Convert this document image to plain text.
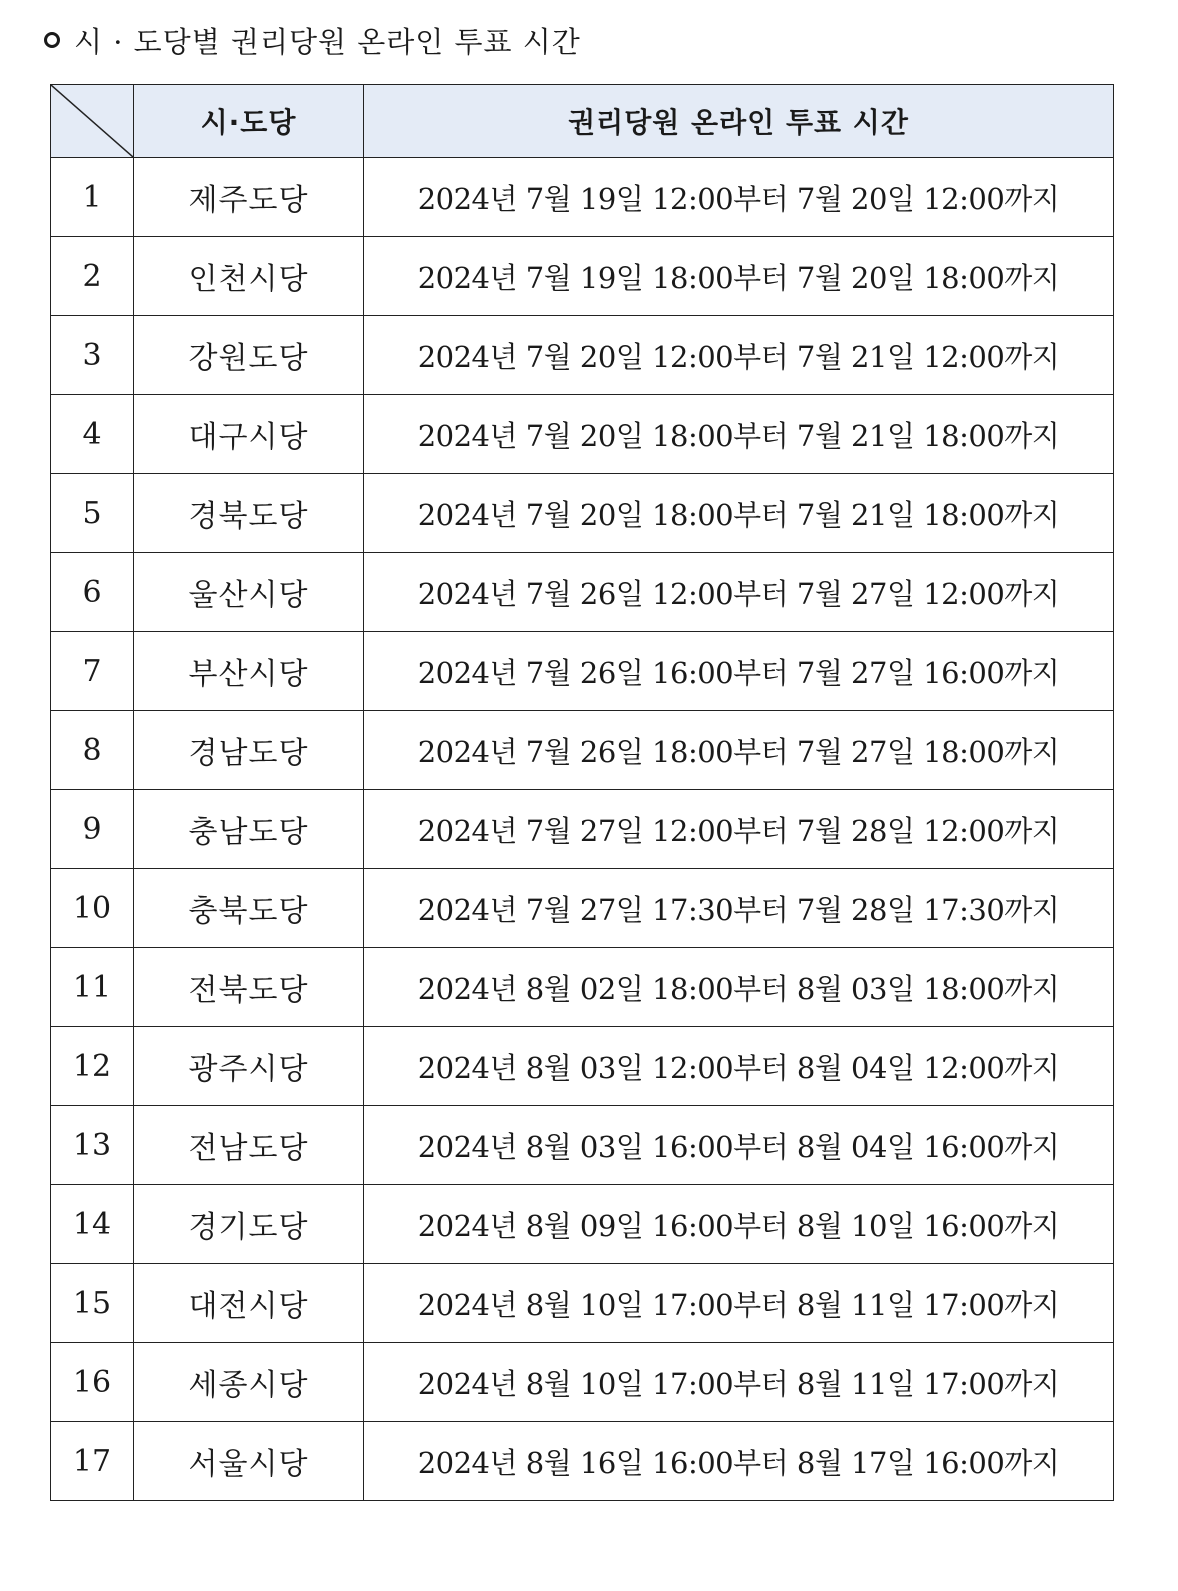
시 · 도당별 권리당원 온라인 투표 시간
	시·도당	권리당원 온라인 투표 시간
1	제주도당	2024년 7월 19일 12:00부터 7월 20일 12:00까지
2	인천시당	2024년 7월 19일 18:00부터 7월 20일 18:00까지
3	강원도당	2024년 7월 20일 12:00부터 7월 21일 12:00까지
4	대구시당	2024년 7월 20일 18:00부터 7월 21일 18:00까지
5	경북도당	2024년 7월 20일 18:00부터 7월 21일 18:00까지
6	울산시당	2024년 7월 26일 12:00부터 7월 27일 12:00까지
7	부산시당	2024년 7월 26일 16:00부터 7월 27일 16:00까지
8	경남도당	2024년 7월 26일 18:00부터 7월 27일 18:00까지
9	충남도당	2024년 7월 27일 12:00부터 7월 28일 12:00까지
10	충북도당	2024년 7월 27일 17:30부터 7월 28일 17:30까지
11	전북도당	2024년 8월 02일 18:00부터 8월 03일 18:00까지
12	광주시당	2024년 8월 03일 12:00부터 8월 04일 12:00까지
13	전남도당	2024년 8월 03일 16:00부터 8월 04일 16:00까지
14	경기도당	2024년 8월 09일 16:00부터 8월 10일 16:00까지
15	대전시당	2024년 8월 10일 17:00부터 8월 11일 17:00까지
16	세종시당	2024년 8월 10일 17:00부터 8월 11일 17:00까지
17	서울시당	2024년 8월 16일 16:00부터 8월 17일 16:00까지
